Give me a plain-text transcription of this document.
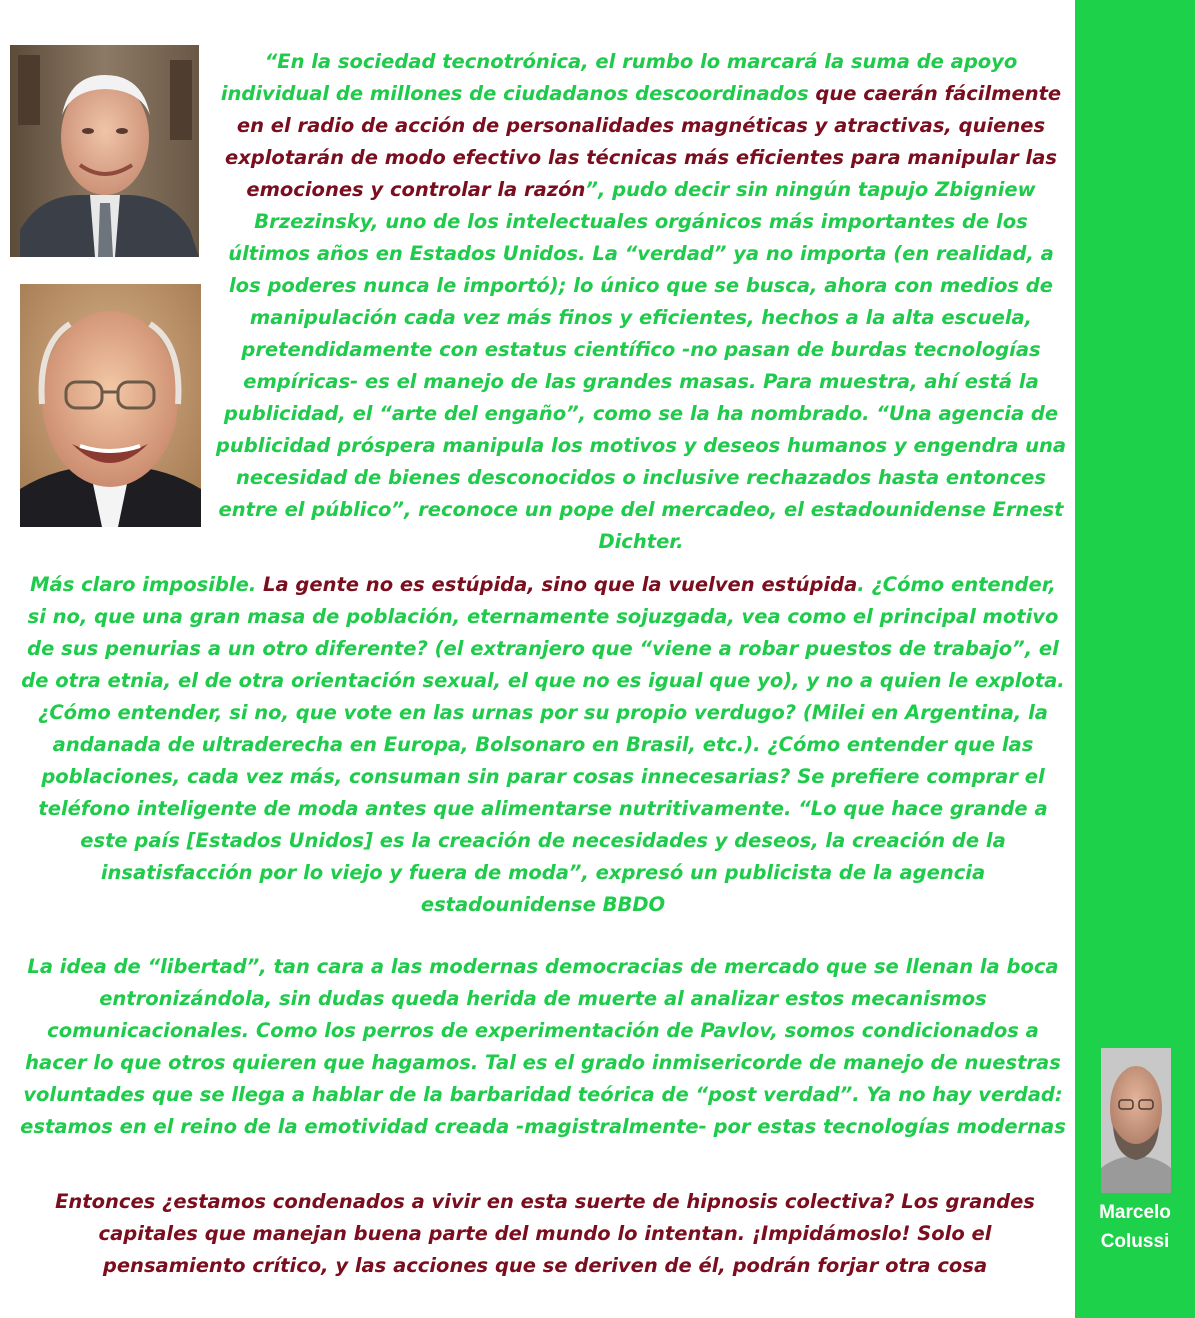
“En la sociedad tecnotrónica, el rumbo lo marcará la suma de apoyo individual de millones de ciudadanos descoordinados que caerán fácilmente en el radio de acción de personalidades magnéticas y atractivas, quienes explotarán de modo efectivo las técnicas más eficientes para manipular las emociones y controlar la razón”, pudo decir sin ningún tapujo Zbigniew Brzezinsky, uno de los intelectuales orgánicos más importantes de los últimos años en Estados Unidos. La “verdad” ya no importa (en realidad, a los poderes nunca le importó); lo único que se busca, ahora con medios de manipulación cada vez más finos y eficientes, hechos a la alta escuela, pretendidamente con estatus científico -no pasan de burdas tecnologías empíricas- es el manejo de las grandes masas. Para muestra, ahí está la publicidad, el “arte del engaño”, como se la ha nombrado. “Una agencia de publicidad próspera manipula los motivos y deseos humanos y engendra una necesidad de bienes desconocidos o inclusive rechazados hasta entonces entre el público”, reconoce un pope del mercadeo, el estadounidense Ernest Dichter.

Más claro imposible. La gente no es estúpida, sino que la vuelven estúpida. ¿Cómo entender, si no, que una gran masa de población, eternamente sojuzgada, vea como el principal motivo de sus penurias a un otro diferente? (el extranjero que “viene a robar puestos de trabajo”, el de otra etnia, el de otra orientación sexual, el que no es igual que yo), y no a quien le explota. ¿Cómo entender, si no, que vote en las urnas por su propio verdugo? (Milei en Argentina, la andanada de ultraderecha en Europa, Bolsonaro en Brasil, etc.). ¿Cómo entender que las poblaciones, cada vez más, consuman sin parar cosas innecesarias? Se prefiere comprar el teléfono inteligente de moda antes que alimentarse nutritivamente. “Lo que hace grande a este país [Estados Unidos] es la creación de necesidades y deseos, la creación de la insatisfacción por lo viejo y fuera de moda”, expresó un publicista de la agencia estadounidense BBDO

La idea de “libertad”, tan cara a las modernas democracias de mercado que se llenan la boca entronizándola, sin dudas queda herida de muerte al analizar estos mecanismos comunicacionales. Como los perros de experimentación de Pavlov, somos condicionados a hacer lo que otros quieren que hagamos. Tal es el grado inmisericorde de manejo de nuestras voluntades que se llega a hablar de la barbaridad teórica de “post verdad”. Ya no hay verdad: estamos en el reino de la emotividad creada -magistralmente- por estas tecnologías modernas

Entonces ¿estamos condenados a vivir en esta suerte de hipnosis colectiva? Los grandes capitales que manejan buena parte del mundo lo intentan. ¡Impidámoslo! Solo el pensamiento crítico, y las acciones que se deriven de él, podrán forjar otra cosa

Marcelo
Colussi
